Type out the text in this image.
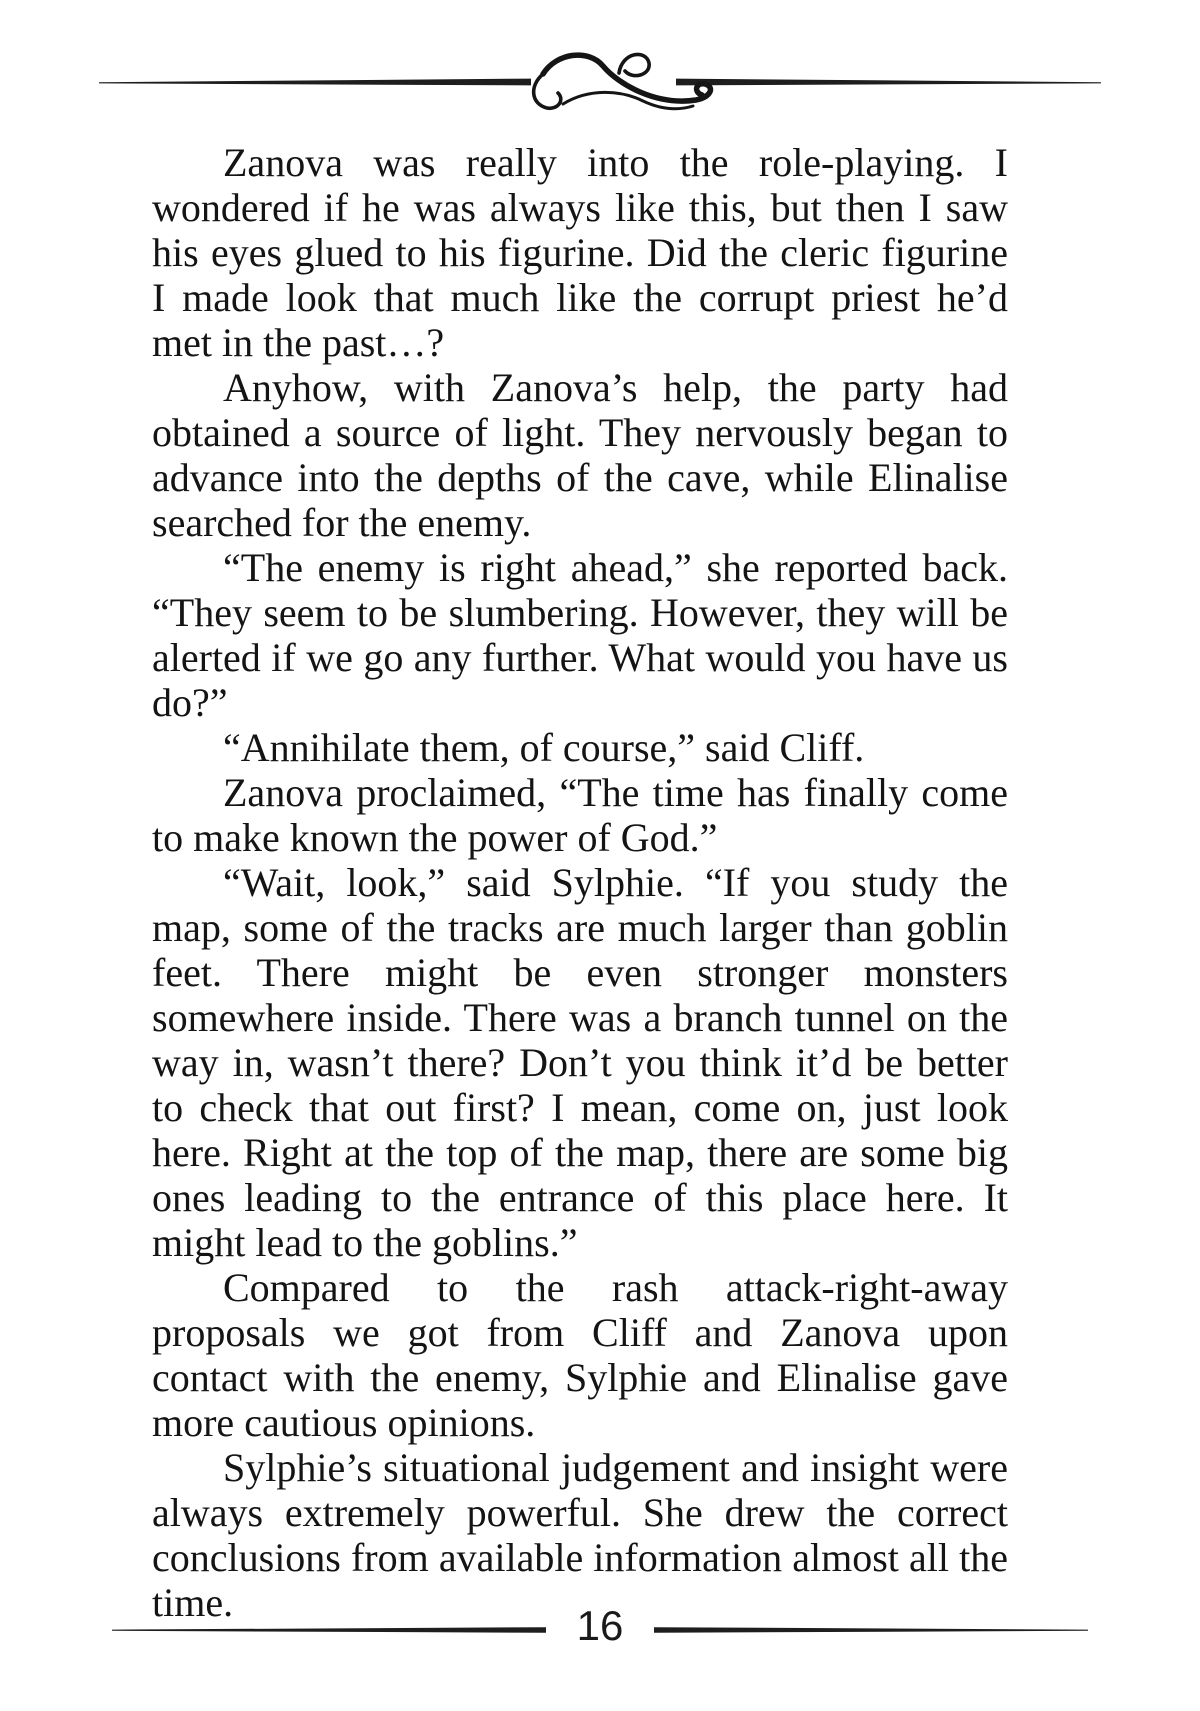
Zanova was really into the role-playing. I wondered if he was always like this, but then I saw his eyes glued to his figurine. Did the cleric figurine I made look that much like the corrupt priest he’d met in the past…?

Anyhow, with Zanova’s help, the party had obtained a source of light. They nervously began to advance into the depths of the cave, while Elinalise searched for the enemy.

“The enemy is right ahead,” she reported back. “They seem to be slumbering. However, they will be alerted if we go any further. What would you have us do?”

“Annihilate them, of course,” said Cliff.

Zanova proclaimed, “The time has finally come to make known the power of God.”

“Wait, look,” said Sylphie. “If you study the map, some of the tracks are much larger than goblin feet. There might be even stronger monsters somewhere inside. There was a branch tunnel on the way in, wasn’t there? Don’t you think it’d be better to check that out first? I mean, come on, just look here. Right at the top of the map, there are some big ones leading to the entrance of this place here. It might lead to the goblins.”

Compared to the rash attack-right-away proposals we got from Cliff and Zanova upon contact with the enemy, Sylphie and Elinalise gave more cautious opinions.

Sylphie’s situational judgement and insight were always extremely powerful. She drew the correct conclusions from available information almost all the time.	16
